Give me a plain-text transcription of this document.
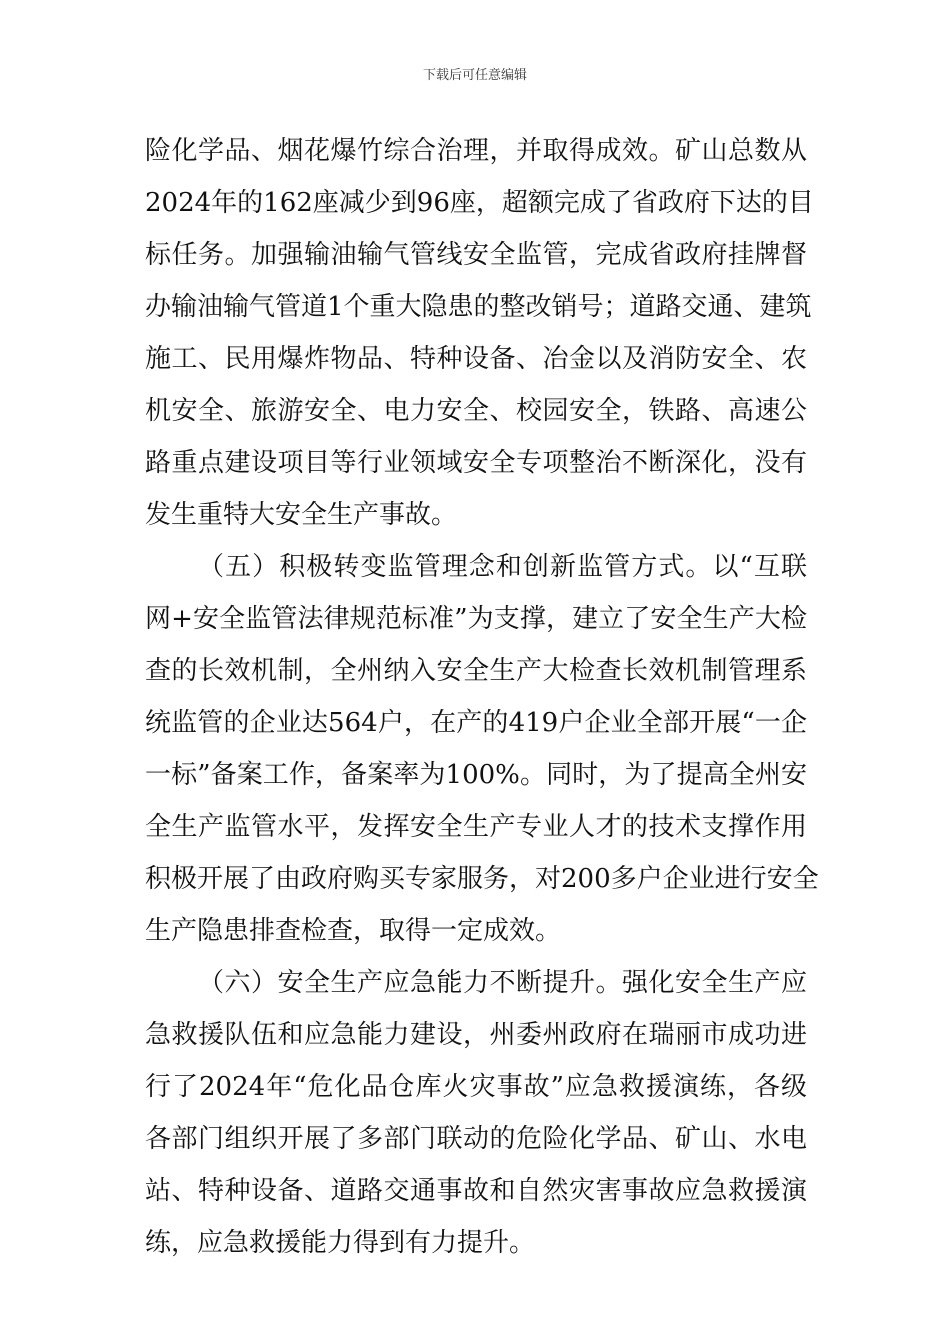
下载后可任意编辑
险化学品、烟花爆竹综合治理，并取得成效。矿山总数从
2024年的162座减少到96座，超额完成了省政府下达的目
标任务。加强输油输气管线安全监管，完成省政府挂牌督
办输油输气管道1个重大隐患的整改销号；道路交通、建筑
施工、民用爆炸物品、特种设备、冶金以及消防安全、农
机安全、旅游安全、电力安全、校园安全，铁路、高速公
路重点建设项目等行业领域安全专项整治不断深化，没有
发生重特大安全生产事故。
（五）积极转变监管理念和创新监管方式。以“互联
网+安全监管法律规范标准”为支撑，建立了安全生产大检
查的长效机制，全州纳入安全生产大检查长效机制管理系
统监管的企业达564户，在产的419户企业全部开展“一企
一标”备案工作，备案率为100%。同时，为了提高全州安
全生产监管水平，发挥安全生产专业人才的技术支撑作用
积极开展了由政府购买专家服务，对200多户企业进行安全
生产隐患排查检查，取得一定成效。
（六）安全生产应急能力不断提升。强化安全生产应
急救援队伍和应急能力建设，州委州政府在瑞丽市成功进
行了2024年“危化品仓库火灾事故”应急救援演练，各级
各部门组织开展了多部门联动的危险化学品、矿山、水电
站、特种设备、道路交通事故和自然灾害事故应急救援演
练，应急救援能力得到有力提升。
